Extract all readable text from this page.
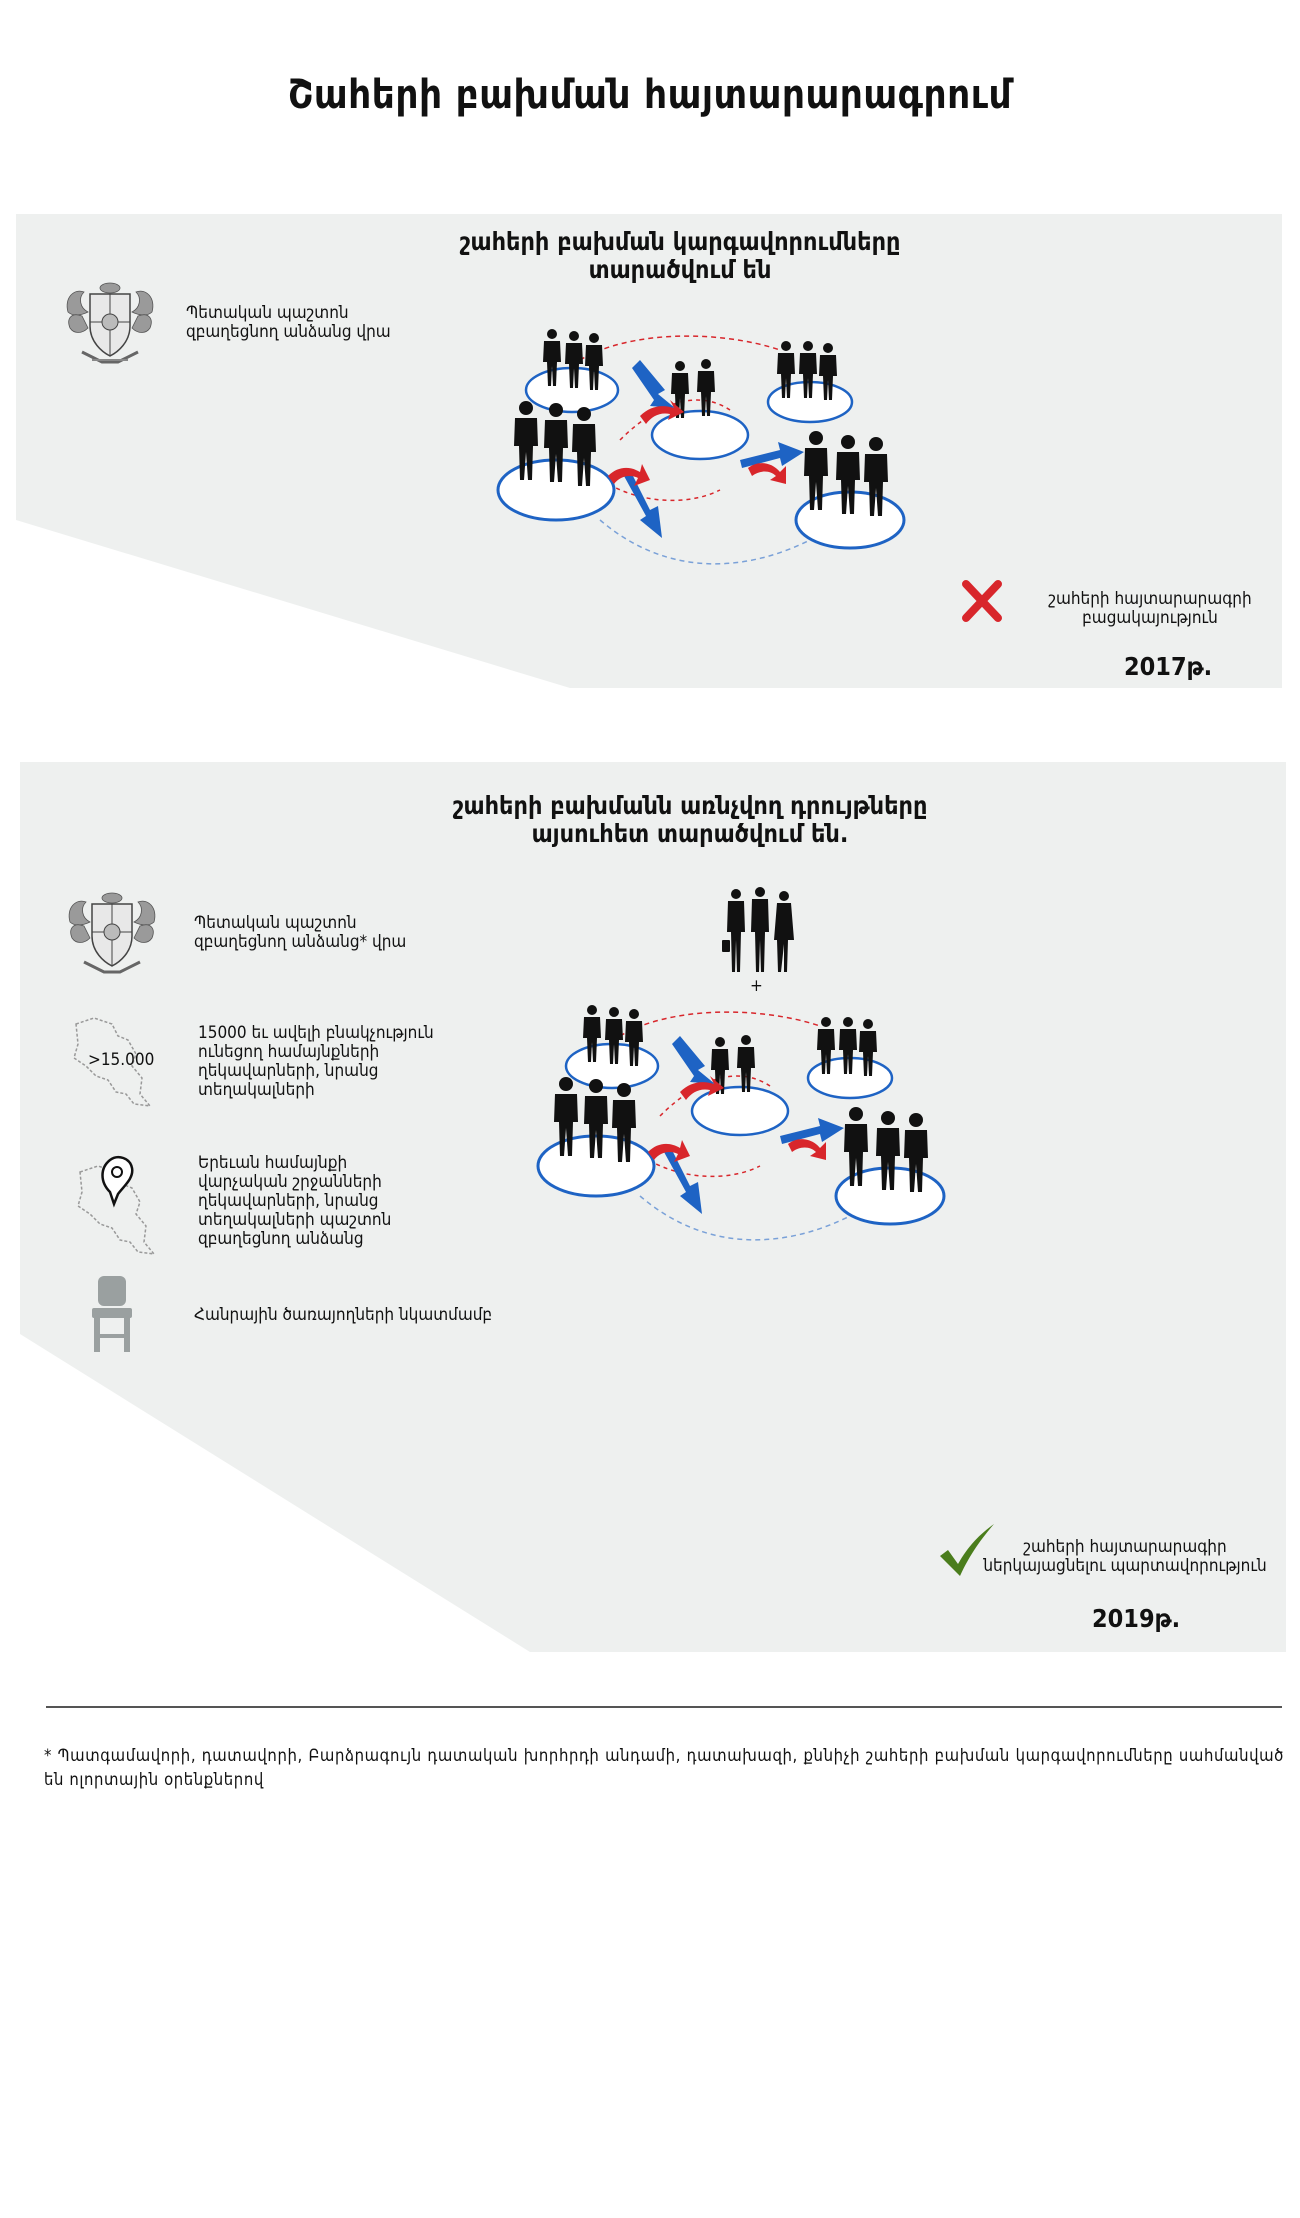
Շահերի բախման հայտարարագրում
շահերի բախման կարգավորումները
տարածվում են
Պետական պաշտոն
զբաղեցնող անձանց վրա
շահերի հայտարարագրի
բացակայություն
2017թ.
շահերի բախմանն առնչվող դրույթները
այսուհետ տարածվում են.
Պետական պաշտոն
զբաղեցնող անձանց* վրա
>15.000
15000 եւ ավելի բնակչություն
ունեցող համայնքների
ղեկավարների, նրանց
տեղակալների
Երեւան համայնքի
վարչական շրջանների
ղեկավարների, նրանց
տեղակալների պաշտոն
զբաղեցնող անձանց
Հանրային ծառայողների նկատմամբ
+
շահերի հայտարարագիր
ներկայացնելու պարտավորություն
2019թ.
* Պատգամավորի, դատավորի, Բարձրագույն դատական խորհրդի անդամի, դատախազի, քննիչի շահերի բախման կարգավորումները սահմանված են ոլորտային օրենքներով
